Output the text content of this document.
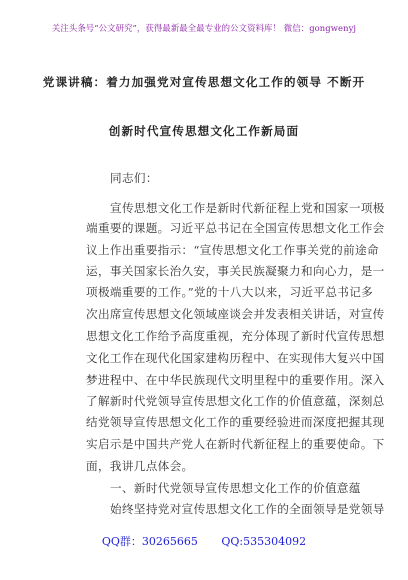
关注头条号“公文研究”，获得最新最全最专业的公文资料库！ 微信：gongwenyj
党课讲稿：着力加强党对宣传思想文化工作的领导 不断开
创新时代宣传思想文化工作新局面
同志们：
宣传思想文化工作是新时代新征程上党和国家一项极
端重要的课题。习近平总书记在全国宣传思想文化工作会
议上作出重要指示：“宣传思想文化工作事关党的前途命
运，事关国家长治久安，事关民族凝聚力和向心力，是一
项极端重要的工作。”党的十八大以来，习近平总书记多
次出席宣传思想文化领域座谈会并发表相关讲话，对宣传
思想文化工作给予高度重视，充分体现了新时代宣传思想
文化工作在现代化国家建构历程中、在实现伟大复兴中国
梦进程中、在中华民族现代文明里程中的重要作用。深入
了解新时代党领导宣传思想文化工作的价值意蕴，深刻总
结党领导宣传思想文化工作的重要经验进而深度把握其现
实启示是中国共产党人在新时代新征程上的重要使命。下
面，我讲几点体会。
一、新时代党领导宣传思想文化工作的价值意蕴
始终坚持党对宣传思想文化工作的全面领导是党领导
QQ群：30265665 QQ:535304092
